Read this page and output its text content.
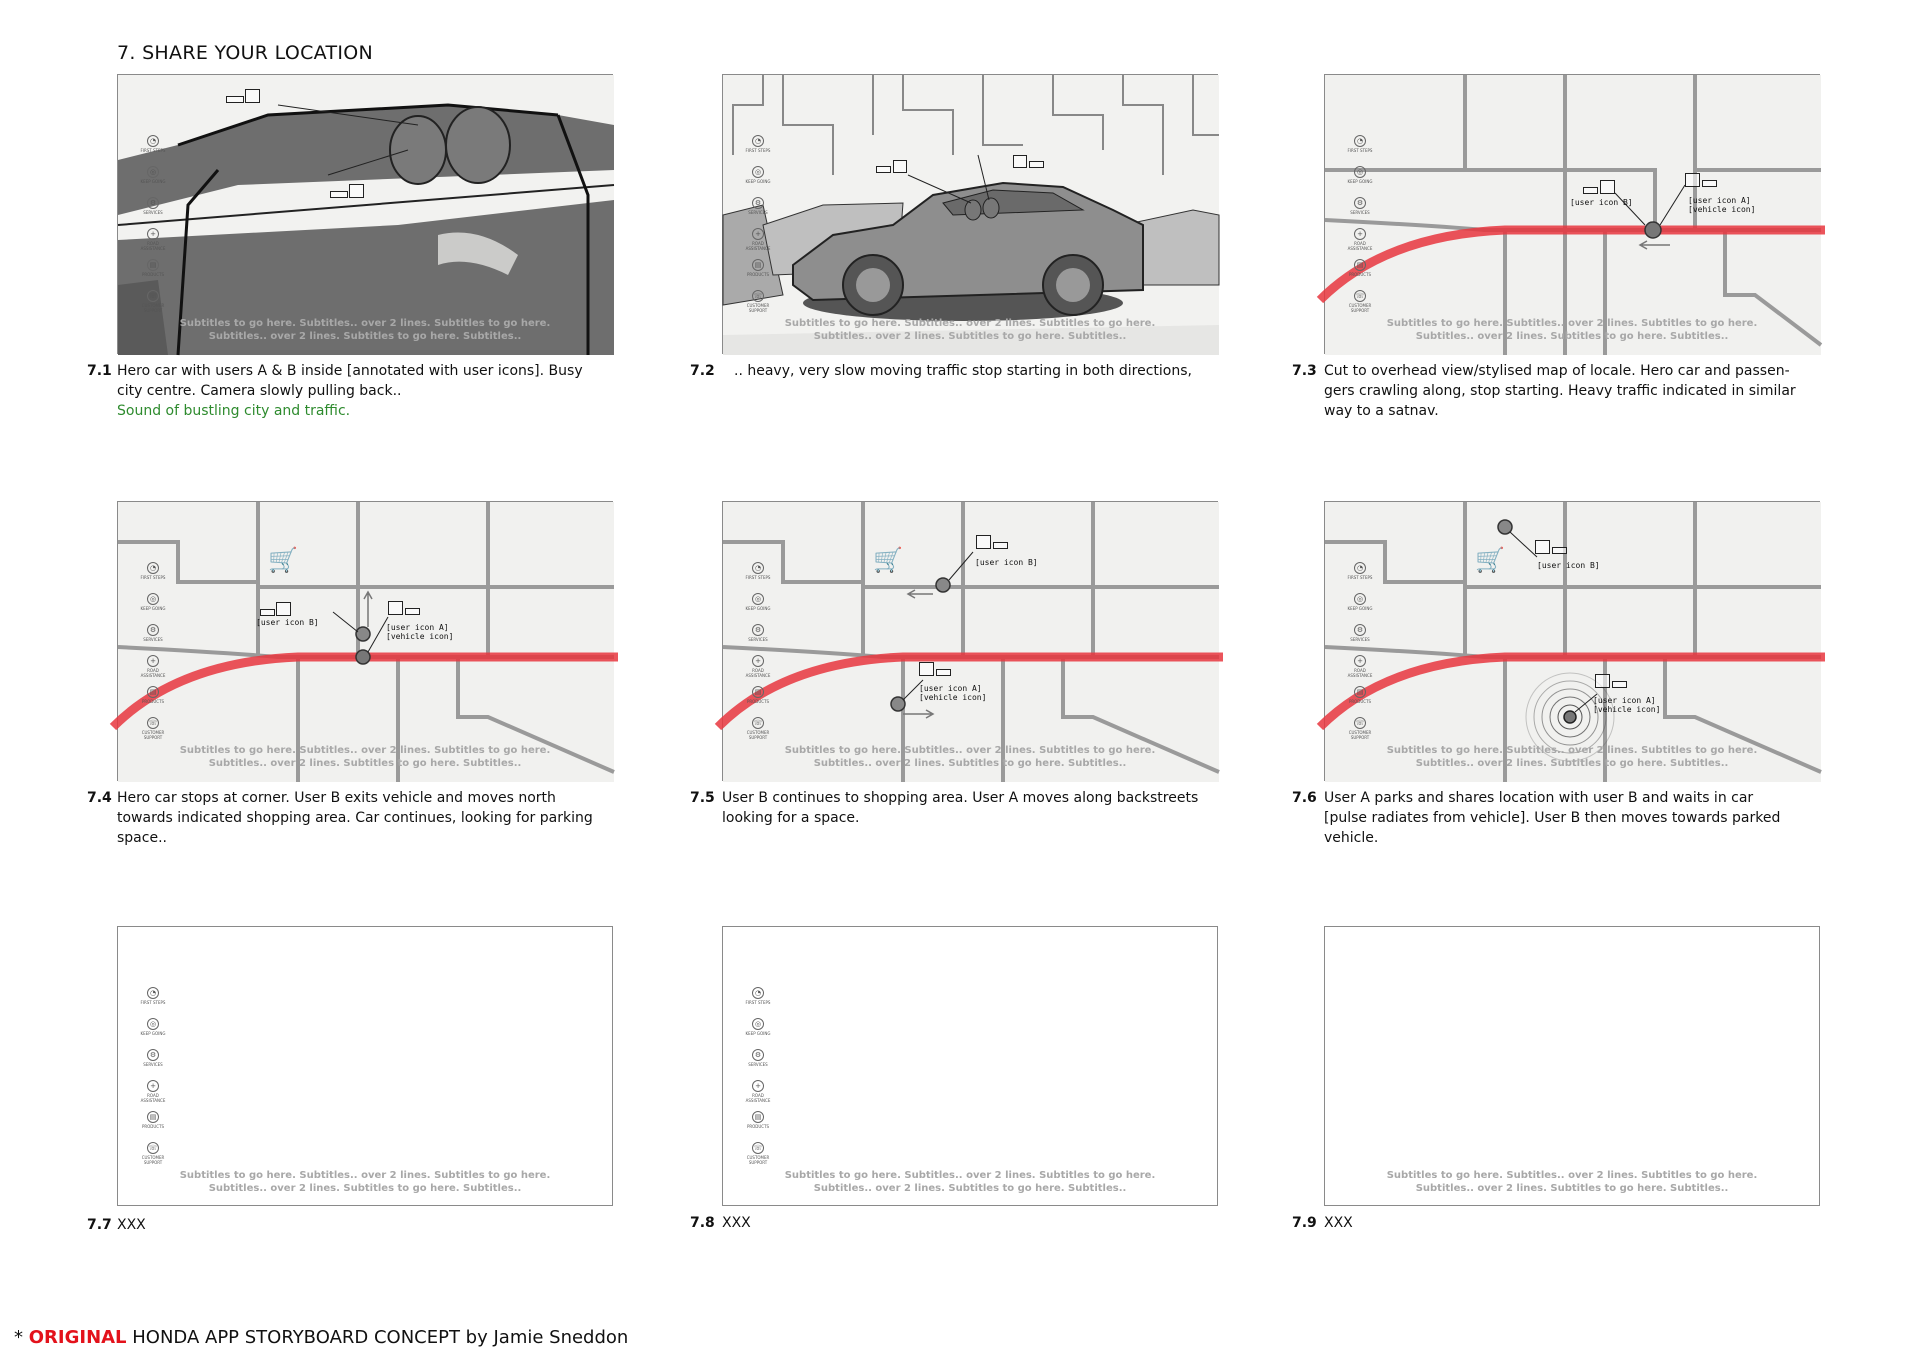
7. SHARE YOUR LOCATION
◔
FIRST STEPS
◎
KEEP GOING
⚙
SERVICES
+
ROAD ASSISTANCE
▤
PRODUCTS
☏
CUSTOMER SUPPORT
Subtitles to go here. Subtitles.. over 2 lines. Subtitles to go here.
Subtitles.. over 2 lines. Subtitles to go here. Subtitles..
7.1 Hero car with users A & B inside [annotated with user icons]. Busy
city centre. Camera slowly pulling back..
Sound of bustling city and traffic.
◔
FIRST STEPS
◎
KEEP GOING
⚙
SERVICES
+
ROAD ASSISTANCE
▤
PRODUCTS
☏
CUSTOMER SUPPORT
Subtitles to go here. Subtitles.. over 2 lines. Subtitles to go here.
Subtitles.. over 2 lines. Subtitles to go here. Subtitles..
7.2 .. heavy, very slow moving traffic stop starting in both directions,
[user icon B]	[user icon A]
[vehicle icon]
◔
FIRST STEPS
◎
KEEP GOING
⚙
SERVICES
+
ROAD ASSISTANCE
▤
PRODUCTS
☏
CUSTOMER SUPPORT
Subtitles to go here. Subtitles.. over 2 lines. Subtitles to go here.
Subtitles.. over 2 lines. Subtitles to go here. Subtitles..
7.3 Cut to overhead view/stylised map of locale. Hero car and passen-
gers crawling along, stop starting. Heavy traffic indicated in similar
way to a satnav.
🛒
[user icon B]
[user icon A]
[vehicle icon]
◔
FIRST STEPS
◎
KEEP GOING
⚙
SERVICES
+
ROAD ASSISTANCE
▤
PRODUCTS
☏
CUSTOMER SUPPORT
Subtitles to go here. Subtitles.. over 2 lines. Subtitles to go here.
Subtitles.. over 2 lines. Subtitles to go here. Subtitles..
7.4 Hero car stops at corner. User B exits vehicle and moves north
towards indicated shopping area. Car continues, looking for parking
space..
🛒	[user icon B]
[user icon A]
[vehicle icon]
◔
FIRST STEPS
◎
KEEP GOING
⚙
SERVICES
+
ROAD ASSISTANCE
▤
PRODUCTS
☏
CUSTOMER SUPPORT
Subtitles to go here. Subtitles.. over 2 lines. Subtitles to go here.
Subtitles.. over 2 lines. Subtitles to go here. Subtitles..
7.5 User B continues to shopping area. User A moves along backstreets
looking for a space.
🛒	[user icon B]
[user icon A]
[vehicle icon]
◔
FIRST STEPS
◎
KEEP GOING
⚙
SERVICES
+
ROAD ASSISTANCE
▤
PRODUCTS
☏
CUSTOMER SUPPORT
Subtitles to go here. Subtitles.. over 2 lines. Subtitles to go here.
Subtitles.. over 2 lines. Subtitles to go here. Subtitles..
7.6 User A parks and shares location with user B and waits in car
[pulse radiates from vehicle]. User B then moves towards parked
vehicle.
◔
FIRST STEPS
◎
KEEP GOING
⚙
SERVICES
+
ROAD ASSISTANCE
▤
PRODUCTS
☏
CUSTOMER SUPPORT
Subtitles to go here. Subtitles.. over 2 lines. Subtitles to go here.
Subtitles.. over 2 lines. Subtitles to go here. Subtitles..
7.7 XXX
◔
FIRST STEPS
◎
KEEP GOING
⚙
SERVICES
+
ROAD ASSISTANCE
▤
PRODUCTS
☏
CUSTOMER SUPPORT
Subtitles to go here. Subtitles.. over 2 lines. Subtitles to go here.
Subtitles.. over 2 lines. Subtitles to go here. Subtitles..
7.8 XXX
Subtitles to go here. Subtitles.. over 2 lines. Subtitles to go here.
Subtitles.. over 2 lines. Subtitles to go here. Subtitles..
7.9 XXX
* ORIGINAL HONDA APP STORYBOARD CONCEPT by Jamie Sneddon
